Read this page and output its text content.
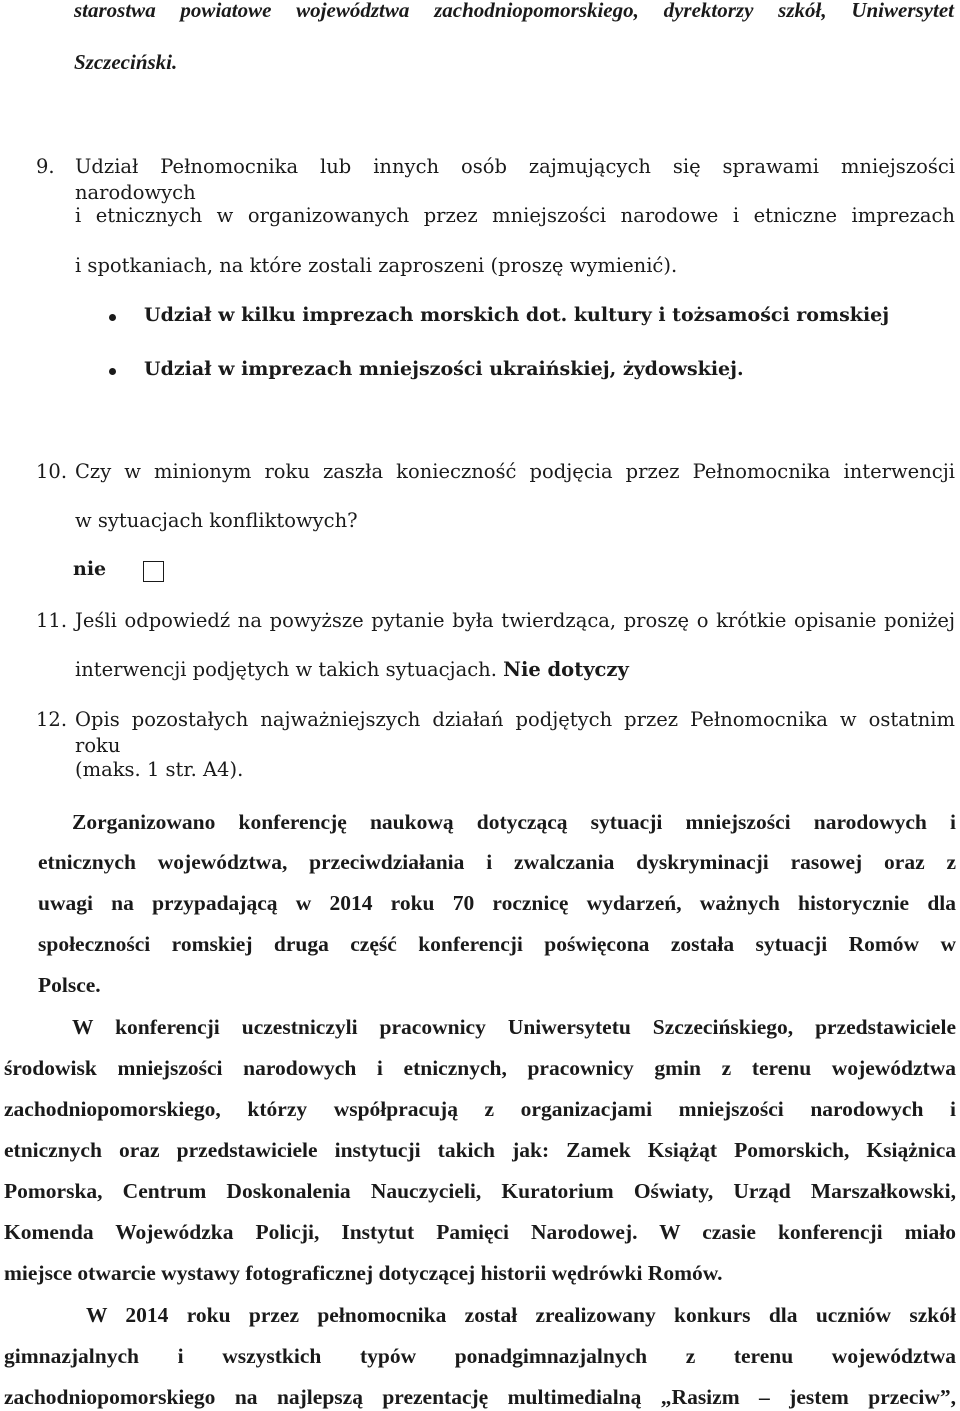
starostwa powiatowe województwa zachodniopomorskiego, dyrektorzy szkół, Uniwersytet

Szczeciński.

9. Udział Pełnomocnika lub innych osób zajmujących się sprawami mniejszości narodowych

i etnicznych w organizowanych przez mniejszości narodowe i etniczne imprezach

i spotkaniach, na które zostali zaproszeni (proszę wymienić).

Udział w kilku imprezach morskich dot. kultury i tożsamości romskiej

Udział w imprezach mniejszości ukraińskiej, żydowskiej.

10. Czy w minionym roku zaszła konieczność podjęcia przez Pełnomocnika interwencji

w sytuacjach konfliktowych?

nie

11. Jeśli odpowiedź na powyższe pytanie była twierdząca, proszę o krótkie opisanie poniżej

interwencji podjętych w takich sytuacjach. Nie dotyczy

12. Opis pozostałych najważniejszych działań podjętych przez Pełnomocnika w ostatnim roku

(maks. 1 str. A4).

Zorganizowano konferencję naukową dotyczącą sytuacji mniejszości narodowych i

etnicznych województwa, przeciwdziałania i zwalczania dyskryminacji rasowej oraz z

uwagi na przypadającą w 2014 roku 70 rocznicę wydarzeń, ważnych historycznie dla

społeczności romskiej druga część konferencji poświęcona została sytuacji Romów w

Polsce.

W konferencji uczestniczyli pracownicy Uniwersytetu Szczecińskiego, przedstawiciele

środowisk mniejszości narodowych i etnicznych, pracownicy gmin z terenu województwa

zachodniopomorskiego, którzy współpracują z organizacjami mniejszości narodowych i

etnicznych oraz przedstawiciele instytucji takich jak: Zamek Książąt Pomorskich, Książnica

Pomorska, Centrum Doskonalenia Nauczycieli, Kuratorium Oświaty, Urząd Marszałkowski,

Komenda Wojewódzka Policji, Instytut Pamięci Narodowej. W czasie konferencji miało

miejsce otwarcie wystawy fotograficznej dotyczącej historii wędrówki Romów.

W 2014 roku przez pełnomocnika został zrealizowany konkurs dla uczniów szkół

gimnazjalnych i wszystkich typów ponadgimnazjalnych z terenu województwa

zachodniopomorskiego na najlepszą prezentację multimedialną „Rasizm – jestem przeciw”,
